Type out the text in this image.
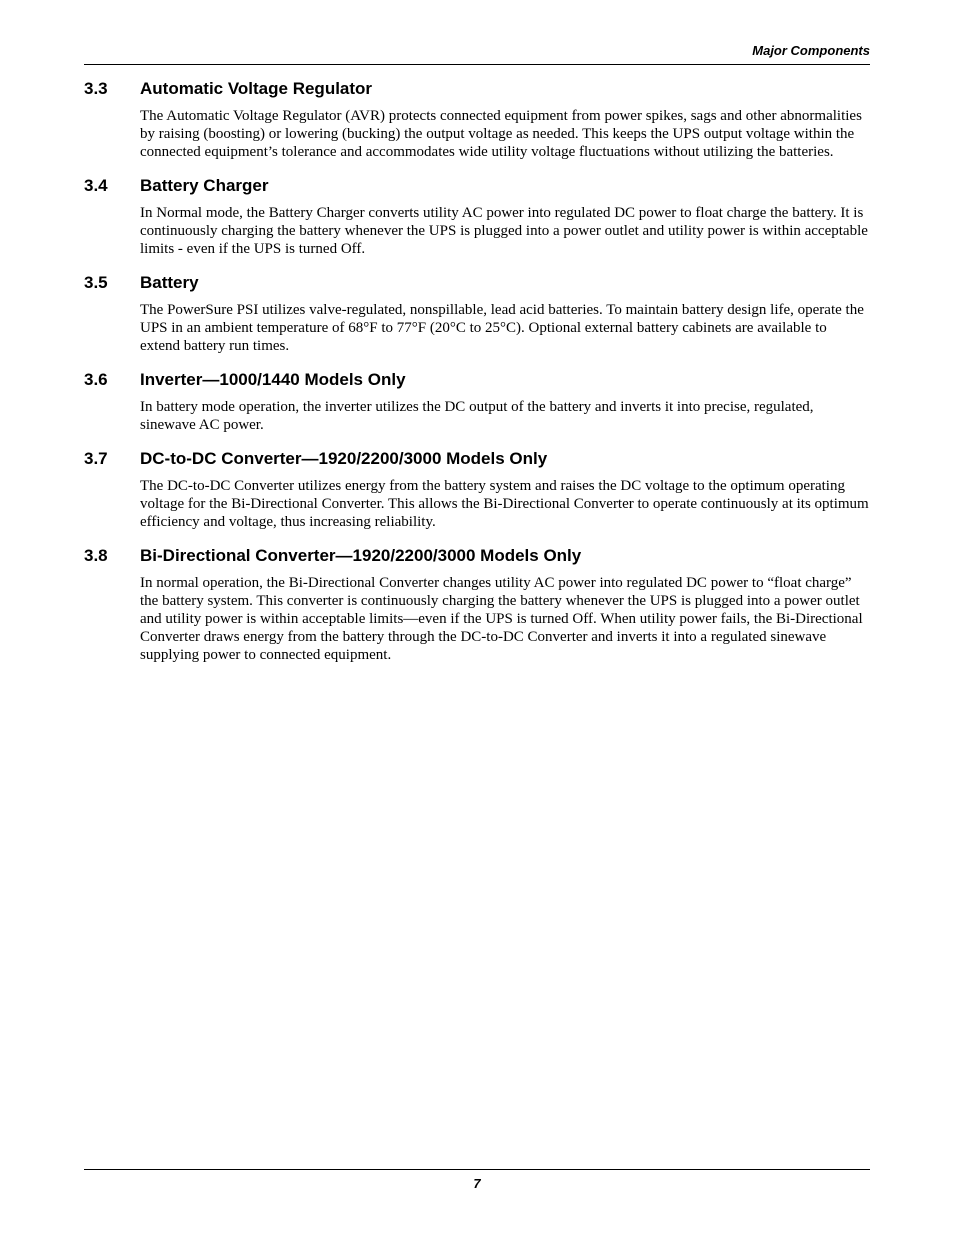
Major Components
3.3	Automatic Voltage Regulator
The Automatic Voltage Regulator (AVR) protects connected equipment from power spikes, sags and other abnormalities by raising (boosting) or lowering (bucking) the output voltage as needed. This keeps the UPS output voltage within the connected equipment’s tolerance and accommodates wide utility voltage fluctuations without utilizing the batteries.
3.4	Battery Charger
In Normal mode, the Battery Charger converts utility AC power into regulated DC power to float charge the battery. It is continuously charging the battery whenever the UPS is plugged into a power outlet and utility power is within acceptable limits - even if the UPS is turned Off.
3.5	Battery
The PowerSure PSI utilizes valve-regulated, nonspillable, lead acid batteries. To maintain battery design life, operate the UPS in an ambient temperature of 68°F to 77°F (20°C to 25°C). Optional external battery cabinets are available to extend battery run times.
3.6	Inverter—1000/1440 Models Only
In battery mode operation, the inverter utilizes the DC output of the battery and inverts it into precise, regulated, sinewave AC power.
3.7	DC-to-DC Converter—1920/2200/3000 Models Only
The DC-to-DC Converter utilizes energy from the battery system and raises the DC voltage to the optimum operating voltage for the Bi-Directional Converter. This allows the Bi-Directional Converter to operate continuously at its optimum efficiency and voltage, thus increasing reliability.
3.8	Bi-Directional Converter—1920/2200/3000 Models Only
In normal operation, the Bi-Directional Converter changes utility AC power into regulated DC power to “float charge” the battery system. This converter is continuously charging the battery whenever the UPS is plugged into a power outlet and utility power is within acceptable limits—even if the UPS is turned Off. When utility power fails, the Bi-Directional Converter draws energy from the battery through the DC-to-DC Converter and inverts it into a regulated sinewave supplying power to connected equipment.
7
